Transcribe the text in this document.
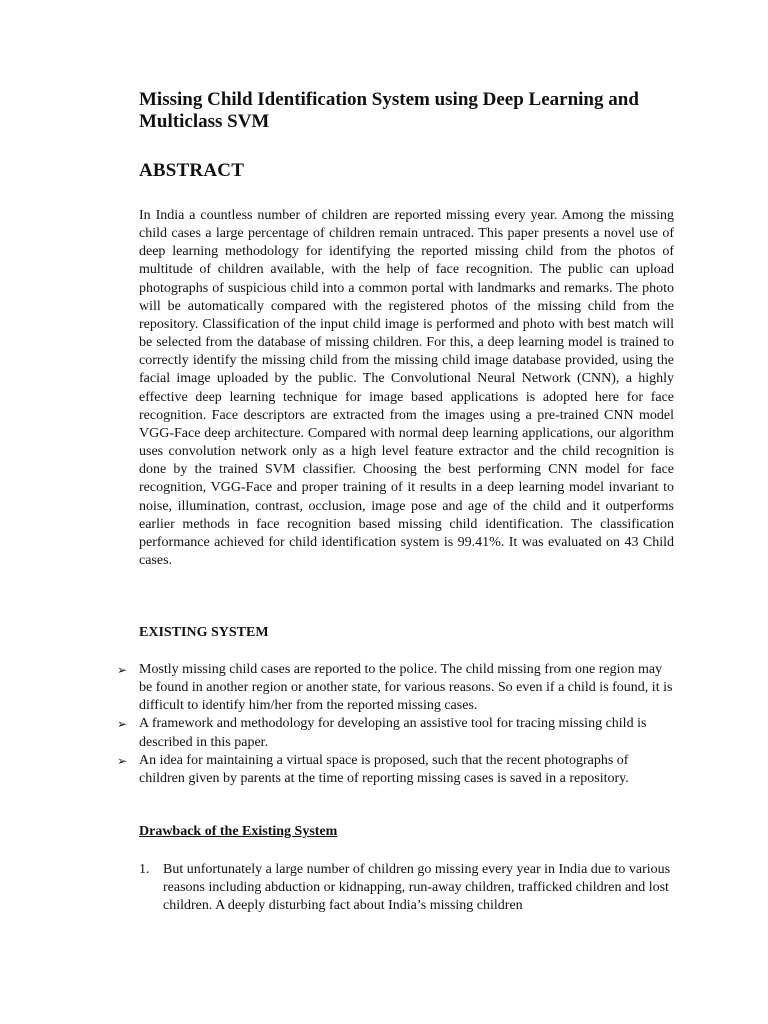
Missing Child Identification System using Deep Learning and Multiclass SVM
ABSTRACT

In India a countless number of children are reported missing every year. Among the missing child cases a large percentage of children remain untraced. This paper presents a novel use of deep learning methodology for identifying the reported missing child from the photos of multitude of children available, with the help of face recognition. The public can upload photographs of suspicious child into a common portal with landmarks and remarks. The photo will be automatically compared with the registered photos of the missing child from the repository. Classification of the input child image is performed and photo with best match will be selected from the database of missing children. For this, a deep learning model is trained to correctly identify the missing child from the missing child image database provided, using the facial image uploaded by the public. The Convolutional Neural Network (CNN), a highly effective deep learning technique for image based applications is adopted here for face recognition. Face descriptors are extracted from the images using a pre-trained CNN model VGG-Face deep architecture. Compared with normal deep learning applications, our algorithm uses convolution network only as a high level feature extractor and the child recognition is done by the trained SVM classifier. Choosing the best performing CNN model for face recognition, VGG-Face and proper training of it results in a deep learning model invariant to noise, illumination, contrast, occlusion, image pose and age of the child and it outperforms earlier methods in face recognition based missing child identification. The classification performance achieved for child identification system is 99.41%. It was evaluated on 43 Child cases.

EXISTING SYSTEM
➢ Mostly missing child cases are reported to the police. The child missing from one region may be found in another region or another state, for various reasons. So even if a child is found, it is difficult to identify him/her from the reported missing cases.
➢ A framework and methodology for developing an assistive tool for tracing missing child is described in this paper.
➢ An idea for maintaining a virtual space is proposed, such that the recent photographs of children given by parents at the time of reporting missing cases is saved in a repository.
Drawback of the Existing System
1. But unfortunately a large number of children go missing every year in India due to various reasons including abduction or kidnapping, run-away children, trafficked children and lost children. A deeply disturbing fact about India’s missing children
